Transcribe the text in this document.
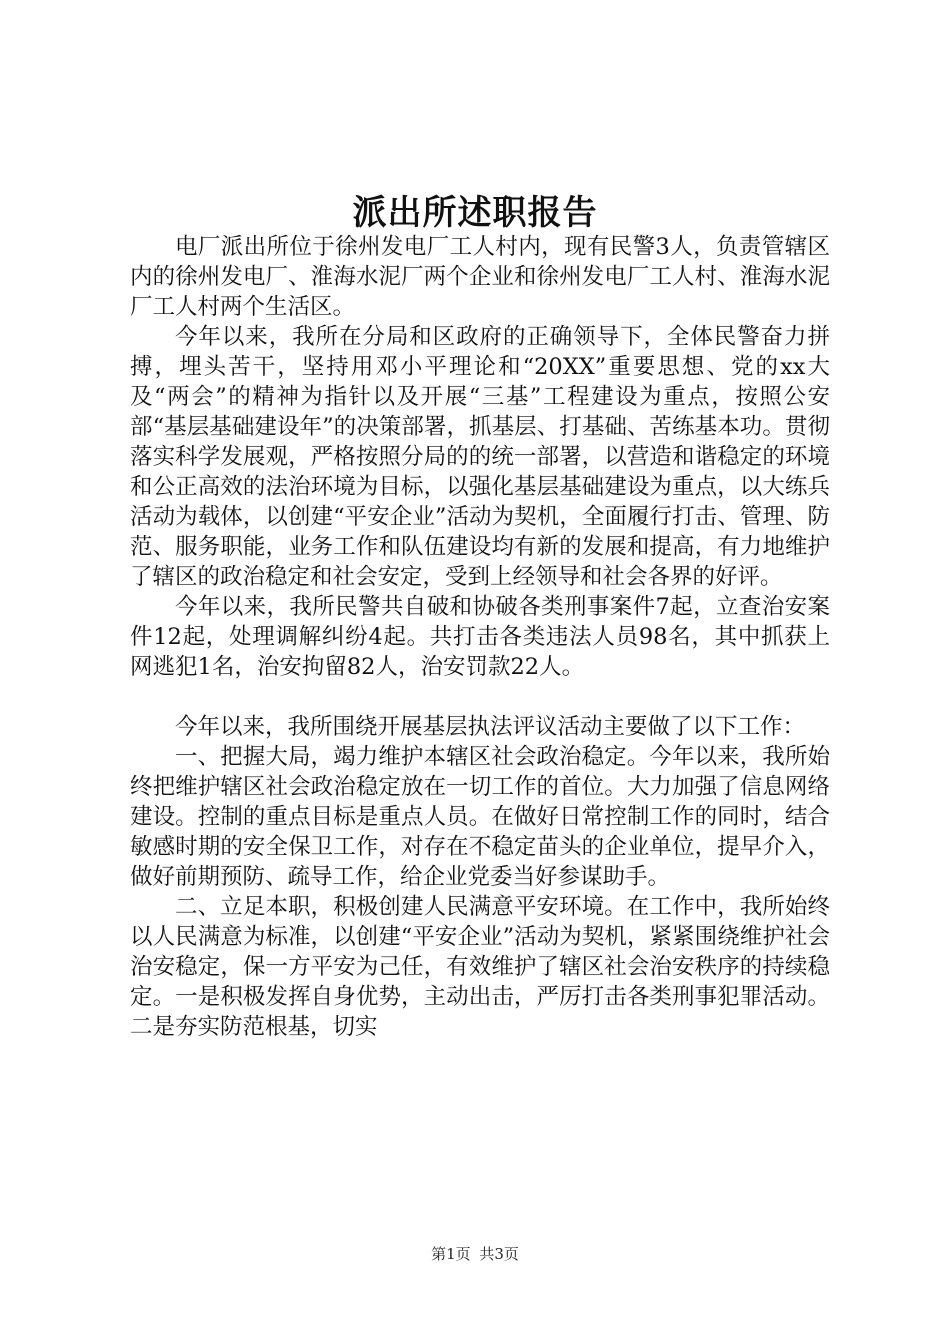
派出所述职报告

电厂派出所位于徐州发电厂工人村内，现有民警3人，负责管辖区内的徐州发电厂、淮海水泥厂两个企业和徐州发电厂工人村、淮海水泥厂工人村两个生活区。

今年以来，我所在分局和区政府的正确领导下，全体民警奋力拼搏，埋头苦干，坚持用邓小平理论和“20XX”重要思想、党的xx大及“两会”的精神为指针以及开展“三基”工程建设为重点，按照公安部“基层基础建设年”的决策部署，抓基层、打基础、苦练基本功。贯彻落实科学发展观，严格按照分局的的统一部署，以营造和谐稳定的环境和公正高效的法治环境为目标，以强化基层基础建设为重点，以大练兵活动为载体，以创建“平安企业”活动为契机，全面履行打击、管理、防范、服务职能，业务工作和队伍建设均有新的发展和提高，有力地维护了辖区的政治稳定和社会安定，受到上经领导和社会各界的好评。

今年以来，我所民警共自破和协破各类刑事案件7起，立查治安案件12起，处理调解纠纷4起。共打击各类违法人员98名，其中抓获上网逃犯1名，治安拘留82人，治安罚款22人。

今年以来，我所围绕开展基层执法评议活动主要做了以下工作：

一、把握大局，竭力维护本辖区社会政治稳定。今年以来，我所始终把维护辖区社会政治稳定放在一切工作的首位。大力加强了信息网络建设。控制的重点目标是重点人员。在做好日常控制工作的同时，结合敏感时期的安全保卫工作，对存在不稳定苗头的企业单位，提早介入，做好前期预防、疏导工作，给企业党委当好参谋助手。

二、立足本职，积极创建人民满意平安环境。在工作中，我所始终以人民满意为标准，以创建“平安企业”活动为契机，紧紧围绕维护社会治安稳定，保一方平安为己任，有效维护了辖区社会治安秩序的持续稳定。一是积极发挥自身优势，主动出击，严厉打击各类刑事犯罪活动。二是夯实防范根基，切实

第1页 共3页
